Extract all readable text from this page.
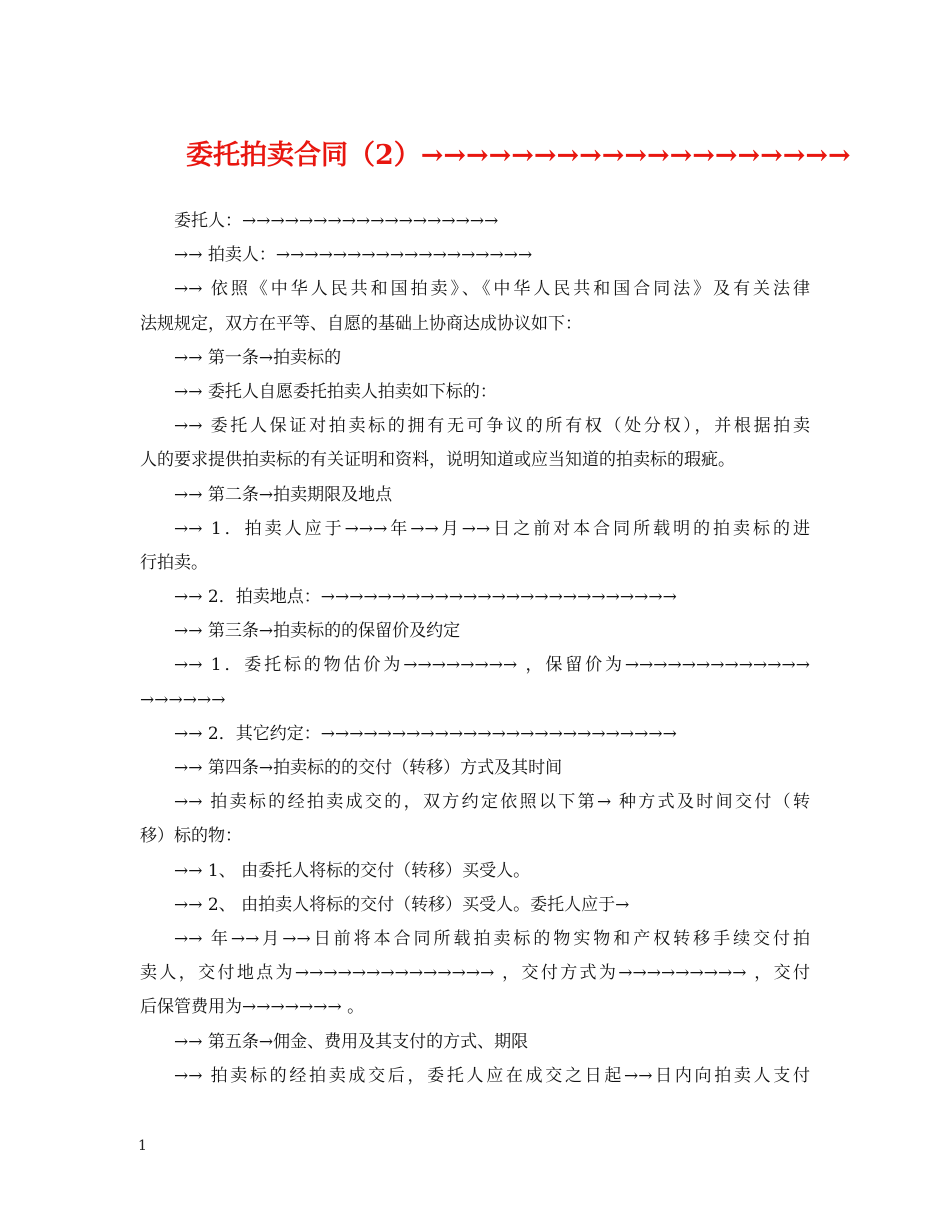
委托拍卖合同（2）→→→→→→→→→→→→→→→→→→→
委托人：→→→→→→→→→→→→→→→→→→
→→ 拍卖人：→→→→→→→→→→→→→→→→→→
→→ 依照《中华人民共和国拍卖》、《中华人民共和国合同法》及有关法律
法规规定，双方在平等、自愿的基础上协商达成协议如下：
→→ 第一条→拍卖标的
→→ 委托人自愿委托拍卖人拍卖如下标的：
→→ 委托人保证对拍卖标的拥有无可争议的所有权（处分权），并根据拍卖
人的要求提供拍卖标的有关证明和资料，说明知道或应当知道的拍卖标的瑕疵。
→→ 第二条→拍卖期限及地点
→→ 1．拍卖人应于→→→年→→月→→日之前对本合同所载明的拍卖标的进
行拍卖。
→→ 2．拍卖地点：→→→→→→→→→→→→→→→→→→→→→→→→→
→→ 第三条→拍卖标的的保留价及约定
→→ 1．委托标的物估价为→→→→→→→→ ，保留价为→→→→→→→→→→→→→
→→→→→→
→→ 2．其它约定：→→→→→→→→→→→→→→→→→→→→→→→→→
→→ 第四条→拍卖标的的交付（转移）方式及其时间
→→ 拍卖标的经拍卖成交的，双方约定依照以下第→ 种方式及时间交付（转
移）标的物：
→→ 1、 由委托人将标的交付（转移）买受人。
→→ 2、 由拍卖人将标的交付（转移）买受人。委托人应于→
→→ 年→→月→→日前将本合同所载拍卖标的物实物和产权转移手续交付拍
卖人，交付地点为→→→→→→→→→→→→→→ ，交付方式为→→→→→→→→→ ，交付
后保管费用为→→→→→→→ 。
→→ 第五条→佣金、费用及其支付的方式、期限
→→ 拍卖标的经拍卖成交后，委托人应在成交之日起→→日内向拍卖人支付
1
